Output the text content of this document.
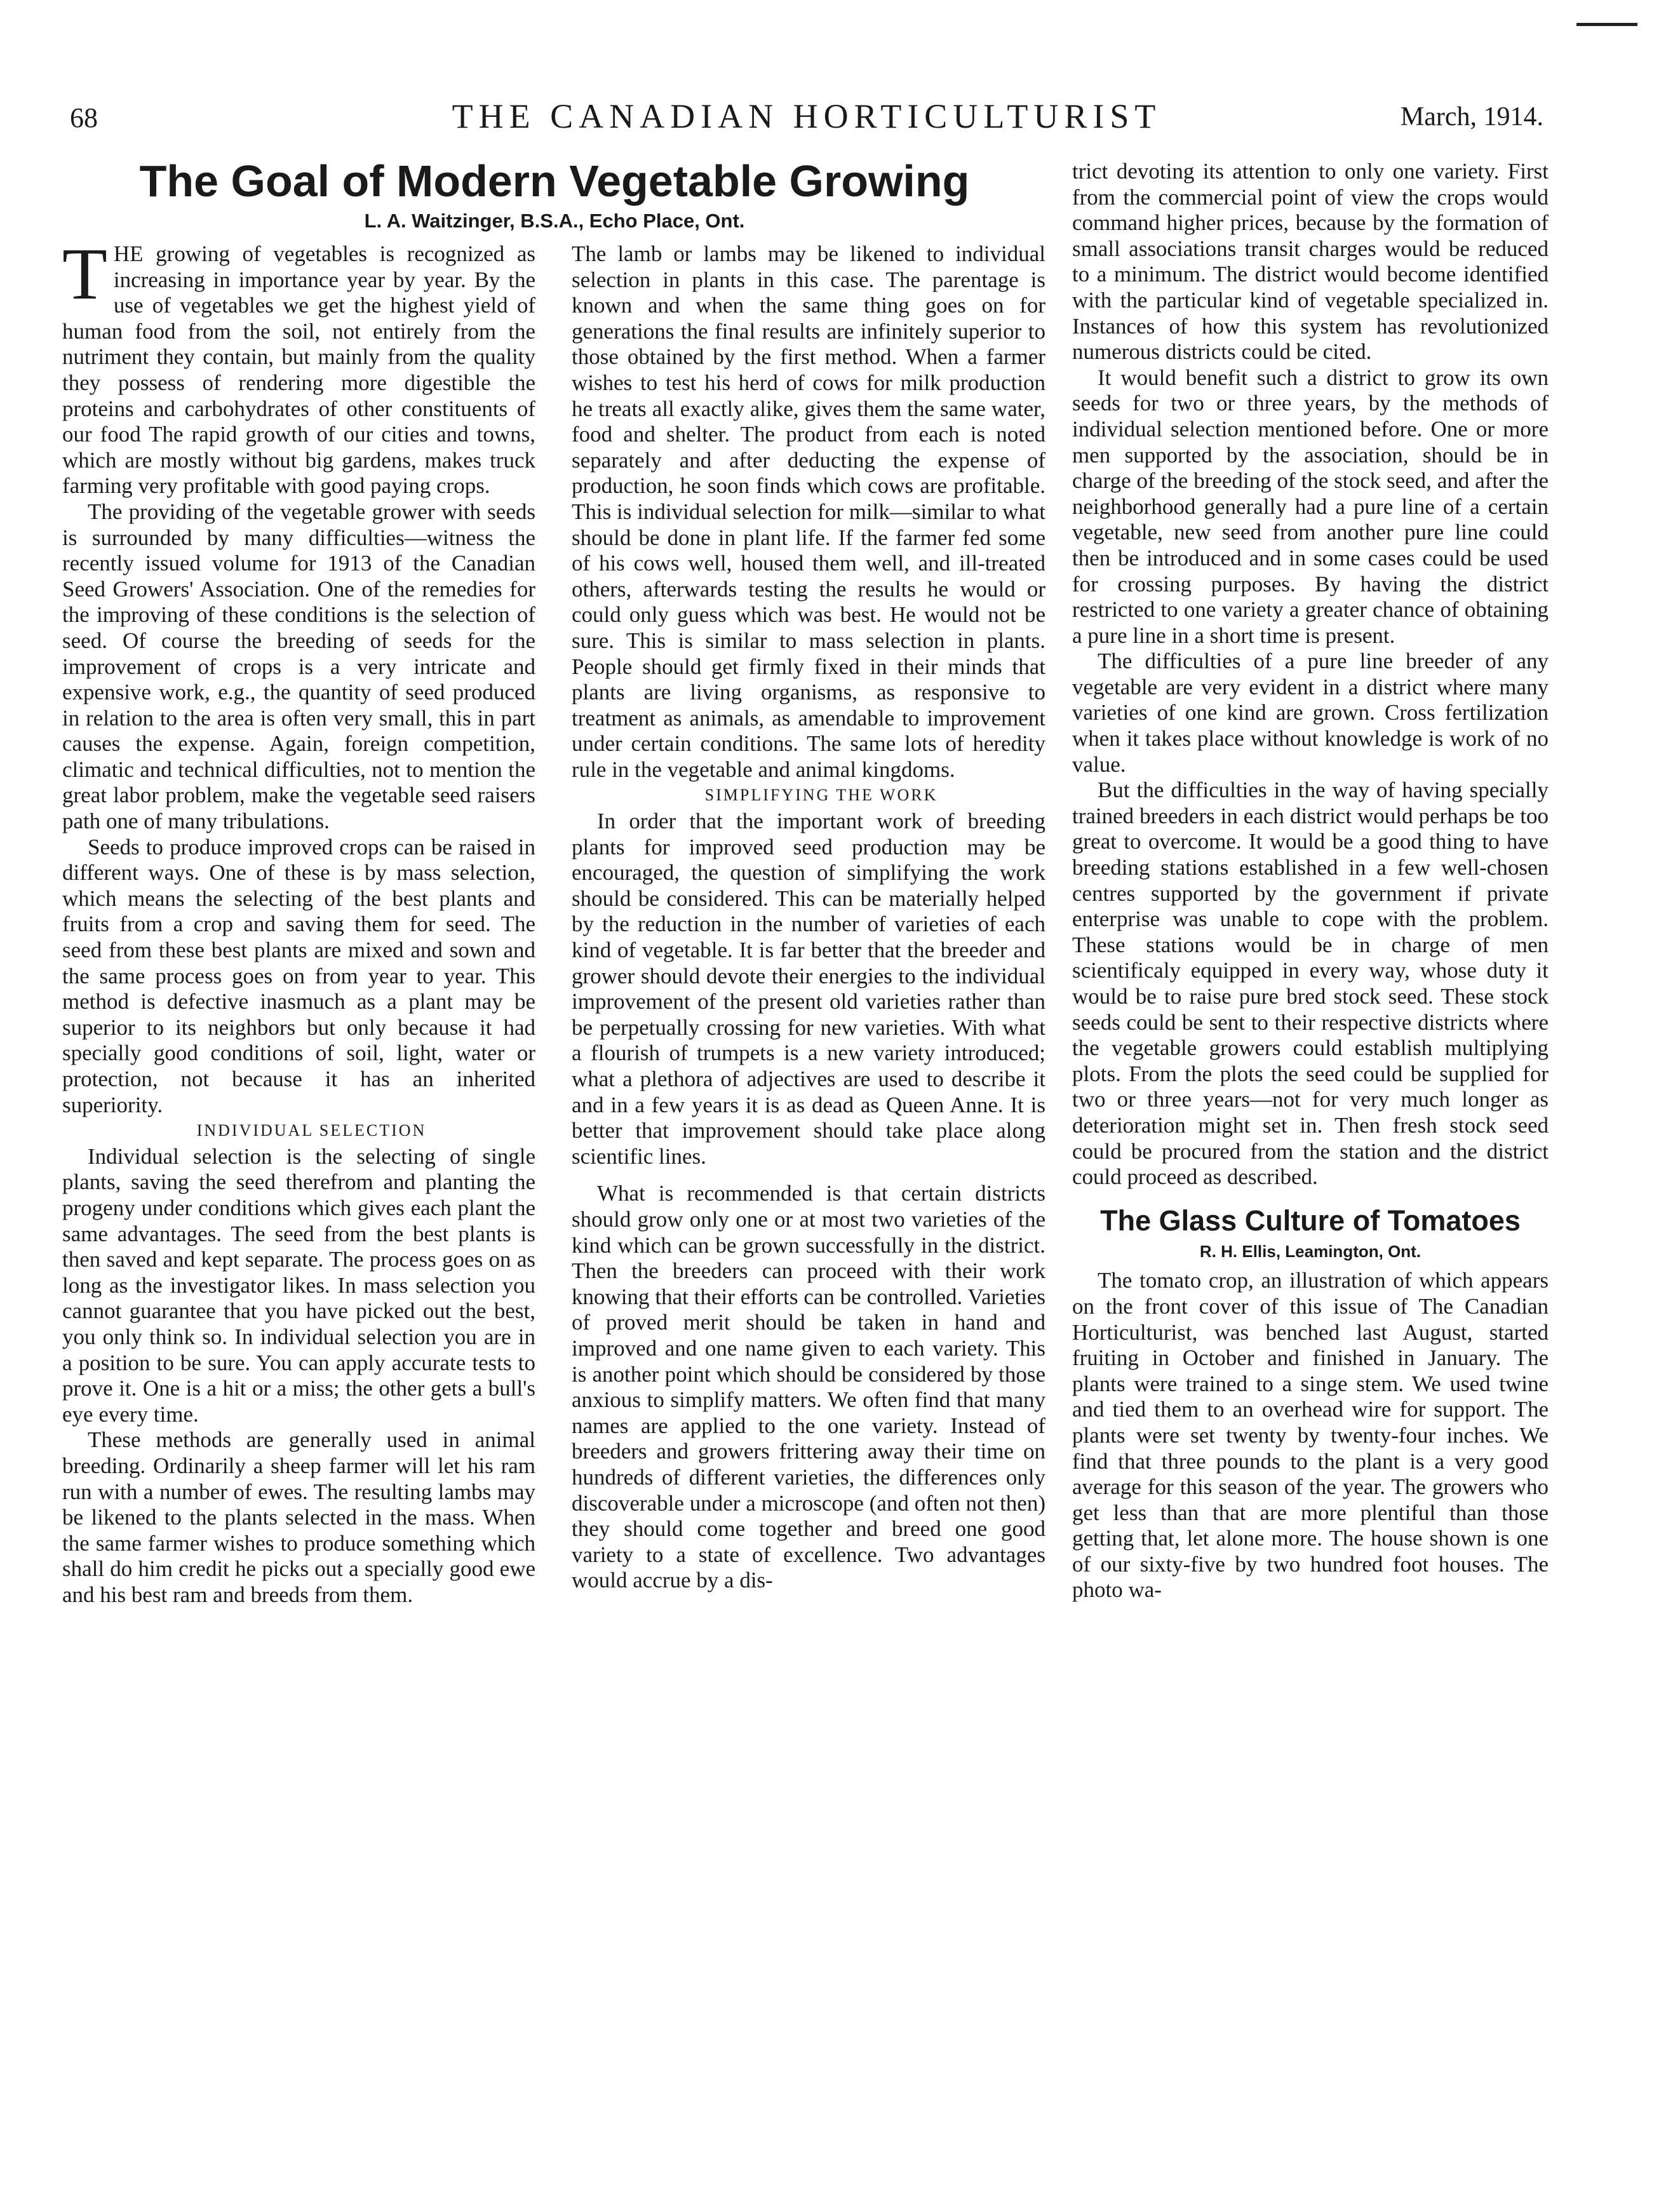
68	THE CANADIAN HORTICULTURIST	March, 1914.
The Goal of Modern Vegetable Growing
L. A. Waitzinger, B.S.A., Echo Place, Ont.

THE growing of vegetables is recognized as increasing in importance year by year. By the use of vegetables we get the highest yield of human food from the soil, not entirely from the nutriment they contain, but mainly from the quality they possess of rendering more digestible the proteins and carbohydrates of other constituents of our food The rapid growth of our cities and towns, which are mostly without big gardens, makes truck farming very profitable with good paying crops.

The providing of the vegetable grower with seeds is surrounded by many difficulties—witness the recently issued volume for 1913 of the Canadian Seed Growers' Association. One of the remedies for the improving of these conditions is the selection of seed. Of course the breeding of seeds for the improvement of crops is a very intricate and expensive work, e.g., the quantity of seed produced in relation to the area is often very small, this in part causes the expense. Again, foreign competition, climatic and technical difficulties, not to mention the great labor problem, make the vegetable seed raisers path one of many tribulations.

Seeds to produce improved crops can be raised in different ways. One of these is by mass selection, which means the selecting of the best plants and fruits from a crop and saving them for seed. The seed from these best plants are mixed and sown and the same process goes on from year to year. This method is defective inasmuch as a plant may be superior to its neighbors but only because it had specially good conditions of soil, light, water or protection, not because it has an inherited superiority.

INDIVIDUAL SELECTION

Individual selection is the selecting of single plants, saving the seed therefrom and planting the progeny under conditions which gives each plant the same advantages. The seed from the best plants is then saved and kept separate. The process goes on as long as the investigator likes. In mass selection you cannot guarantee that you have picked out the best, you only think so. In individual selection you are in a position to be sure. You can apply accurate tests to prove it. One is a hit or a miss; the other gets a bull's eye every time.

These methods are generally used in animal breeding. Ordinarily a sheep farmer will let his ram run with a number of ewes. The resulting lambs may be likened to the plants selected in the mass. When the same farmer wishes to produce something which shall do him credit he picks out a specially good ewe and his best ram and breeds from them.

The lamb or lambs may be likened to individual selection in plants in this case. The parentage is known and when the same thing goes on for generations the final results are infinitely superior to those obtained by the first method. When a farmer wishes to test his herd of cows for milk production he treats all exactly alike, gives them the same water, food and shelter. The product from each is noted separately and after deducting the expense of production, he soon finds which cows are profitable. This is individual selection for milk—similar to what should be done in plant life. If the farmer fed some of his cows well, housed them well, and ill-treated others, afterwards testing the results he would or could only guess which was best. He would not be sure. This is similar to mass selection in plants. People should get firmly fixed in their minds that plants are living organisms, as responsive to treatment as animals, as amendable to improvement under certain conditions. The same lots of heredity rule in the vegetable and animal kingdoms.

SIMPLIFYING THE WORK

In order that the important work of breeding plants for improved seed production may be encouraged, the question of simplifying the work should be considered. This can be materially helped by the reduction in the number of varieties of each kind of vegetable. It is far better that the breeder and grower should devote their energies to the individual improvement of the present old varieties rather than be perpetually crossing for new varieties. With what a flourish of trumpets is a new variety introduced; what a plethora of adjectives are used to describe it and in a few years it is as dead as Queen Anne. It is better that improvement should take place along scientific lines.

What is recommended is that certain districts should grow only one or at most two varieties of the kind which can be grown successfully in the district. Then the breeders can proceed with their work knowing that their efforts can be controlled. Varieties of proved merit should be taken in hand and improved and one name given to each variety. This is another point which should be considered by those anxious to simplify matters. We often find that many names are applied to the one variety. Instead of breeders and growers frittering away their time on hundreds of different varieties, the differences only discoverable under a microscope (and often not then) they should come together and breed one good variety to a state of excellence. Two advantages would accrue by a dis-

trict devoting its attention to only one variety. First from the commercial point of view the crops would command higher prices, because by the formation of small associations transit charges would be reduced to a minimum. The district would become identified with the particular kind of vegetable specialized in. Instances of how this system has revolutionized numerous districts could be cited.

It would benefit such a district to grow its own seeds for two or three years, by the methods of individual selection mentioned before. One or more men supported by the association, should be in charge of the breeding of the stock seed, and after the neighborhood generally had a pure line of a certain vegetable, new seed from another pure line could then be introduced and in some cases could be used for crossing purposes. By having the district restricted to one variety a greater chance of obtaining a pure line in a short time is present.

The difficulties of a pure line breeder of any vegetable are very evident in a district where many varieties of one kind are grown. Cross fertilization when it takes place without knowledge is work of no value.

But the difficulties in the way of having specially trained breeders in each district would perhaps be too great to overcome. It would be a good thing to have breeding stations established in a few well-chosen centres supported by the government if private enterprise was unable to cope with the problem. These stations would be in charge of men scientificaly equipped in every way, whose duty it would be to raise pure bred stock seed. These stock seeds could be sent to their respective districts where the vegetable growers could establish multiplying plots. From the plots the seed could be supplied for two or three years—not for very much longer as deterioration might set in. Then fresh stock seed could be procured from the station and the district could proceed as described.

The Glass Culture of Tomatoes
R. H. Ellis, Leamington, Ont.

The tomato crop, an illustration of which appears on the front cover of this issue of The Canadian Horticulturist, was benched last August, started fruiting in October and finished in January. The plants were trained to a singe stem. We used twine and tied them to an overhead wire for support. The plants were set twenty by twenty-four inches. We find that three pounds to the plant is a very good average for this season of the year. The growers who get less than that are more plentiful than those getting that, let alone more. The house shown is one of our sixty-five by two hundred foot houses. The photo wa-
